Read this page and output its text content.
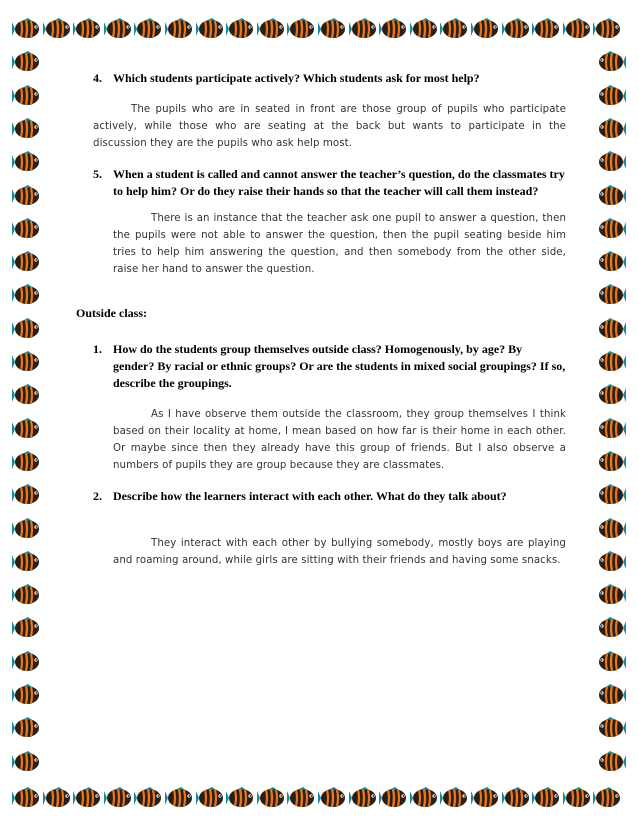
4. Which students participate actively? Which students ask for most help?

The pupils who are in seated in front are those group of pupils who participate actively, while those who are seating at the back but wants to participate in the discussion they are the pupils who ask help most.

5. When a student is called and cannot answer the teacher’s question, do the classmates try to help him? Or do they raise their hands so that the teacher will call them instead?

There is an instance that the teacher ask one pupil to answer a question, then the pupils were not able to answer the question, then the pupil seating beside him tries to help him answering the question, and then somebody from the other side, raise her hand to answer the question.

Outside class:
1. How do the students group themselves outside class? Homogenously, by age? By gender? By racial or ethnic groups? Or are the students in mixed social groupings? If so, describe the groupings.

As I have observe them outside the classroom, they group themselves I think based on their locality at home, I mean based on how far is their home in each other. Or maybe since then they already have this group of friends. But I also observe a numbers of pupils they are group because they are classmates.

2. Describe how the learners interact with each other. What do they talk about?

They interact with each other by bullying somebody, mostly boys are playing and roaming around, while girls are sitting with their friends and having some snacks.
